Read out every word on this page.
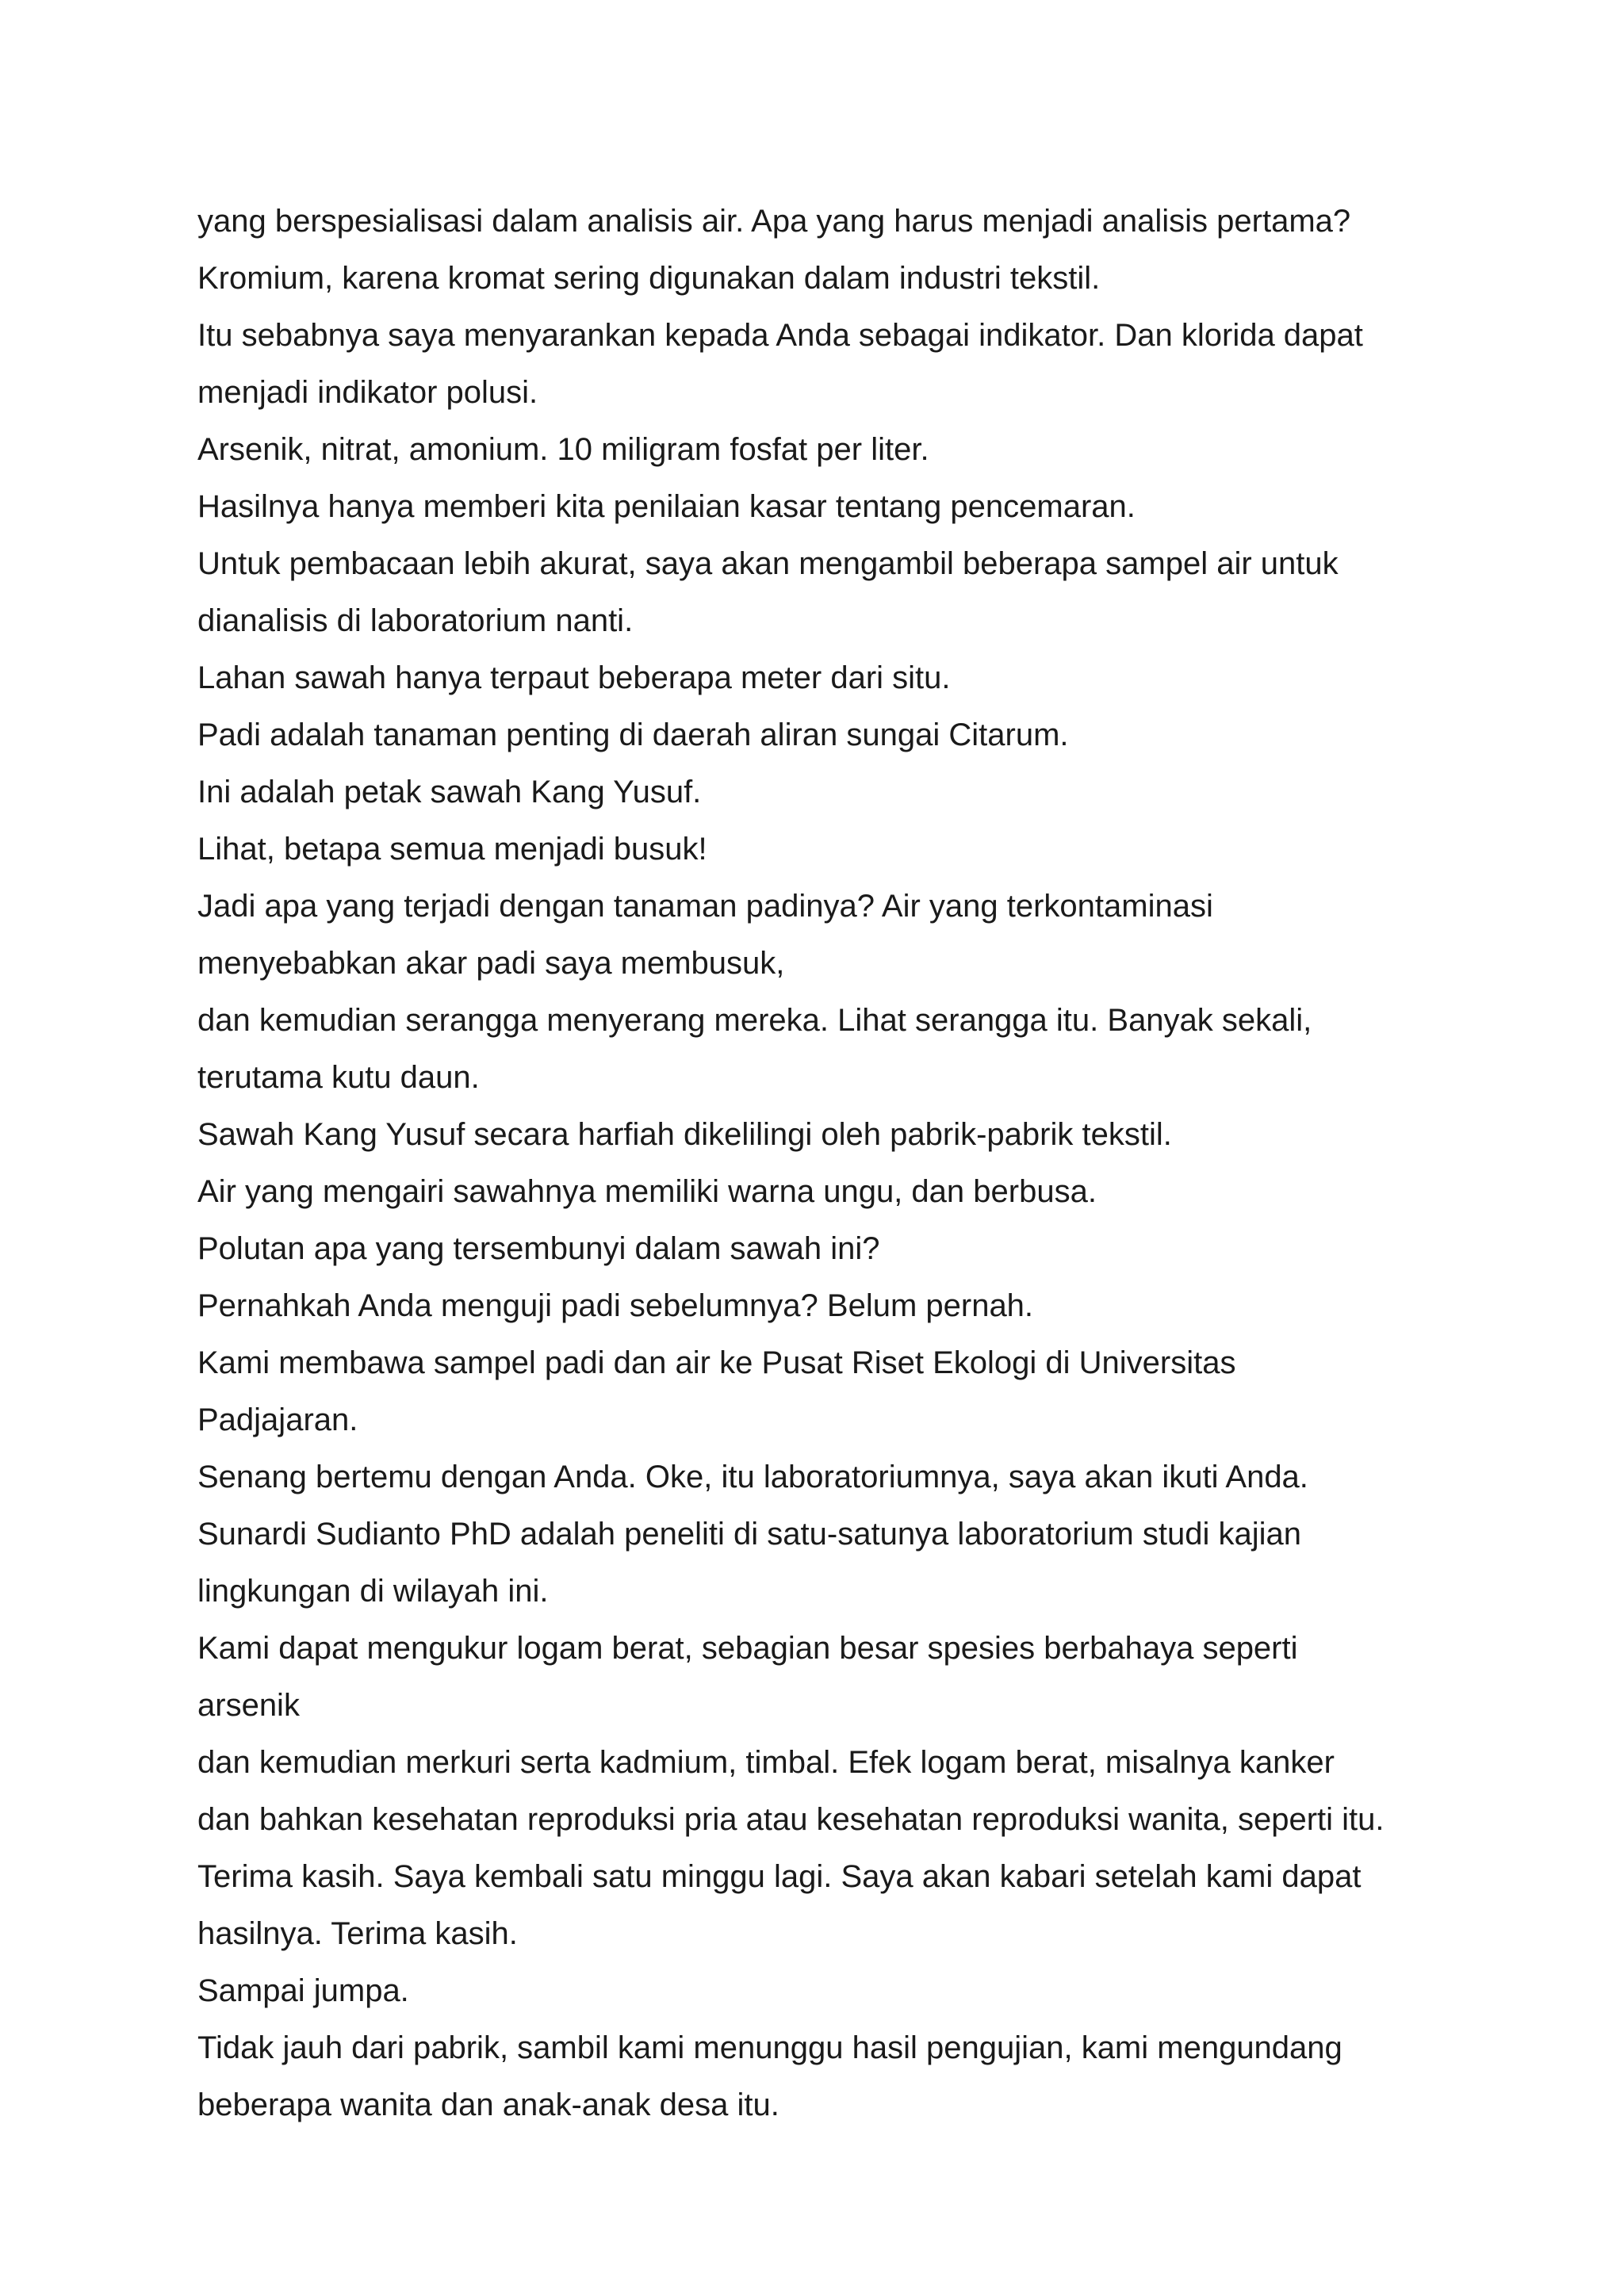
yang berspesialisasi dalam analisis air. Apa yang harus menjadi analisis pertama?
Kromium, karena kromat sering digunakan dalam industri tekstil.
Itu sebabnya saya menyarankan kepada Anda sebagai indikator. Dan klorida dapat
menjadi indikator polusi.
Arsenik, nitrat, amonium. 10 miligram fosfat per liter.
Hasilnya hanya memberi kita penilaian kasar tentang pencemaran.
Untuk pembacaan lebih akurat, saya akan mengambil beberapa sampel air untuk
dianalisis di laboratorium nanti.
Lahan sawah hanya terpaut beberapa meter dari situ.
Padi adalah tanaman penting di daerah aliran sungai Citarum.
Ini adalah petak sawah Kang Yusuf.
Lihat, betapa semua menjadi busuk!
Jadi apa yang terjadi dengan tanaman padinya? Air yang terkontaminasi
menyebabkan akar padi saya membusuk,
dan kemudian serangga menyerang mereka. Lihat serangga itu. Banyak sekali,
terutama kutu daun.
Sawah Kang Yusuf secara harfiah dikelilingi oleh pabrik-pabrik tekstil.
Air yang mengairi sawahnya memiliki warna ungu, dan berbusa.
Polutan apa yang tersembunyi dalam sawah ini?
Pernahkah Anda menguji padi sebelumnya? Belum pernah.
Kami membawa sampel padi dan air ke Pusat Riset Ekologi di Universitas
Padjajaran.
Senang bertemu dengan Anda. Oke, itu laboratoriumnya, saya akan ikuti Anda.
Sunardi Sudianto PhD adalah peneliti di satu-satunya laboratorium studi kajian
lingkungan di wilayah ini.
Kami dapat mengukur logam berat, sebagian besar spesies berbahaya seperti
arsenik
dan kemudian merkuri serta kadmium, timbal. Efek logam berat, misalnya kanker
dan bahkan kesehatan reproduksi pria atau kesehatan reproduksi wanita, seperti itu.
Terima kasih. Saya kembali satu minggu lagi. Saya akan kabari setelah kami dapat
hasilnya. Terima kasih.
Sampai jumpa.
Tidak jauh dari pabrik, sambil kami menunggu hasil pengujian, kami mengundang
beberapa wanita dan anak-anak desa itu.
